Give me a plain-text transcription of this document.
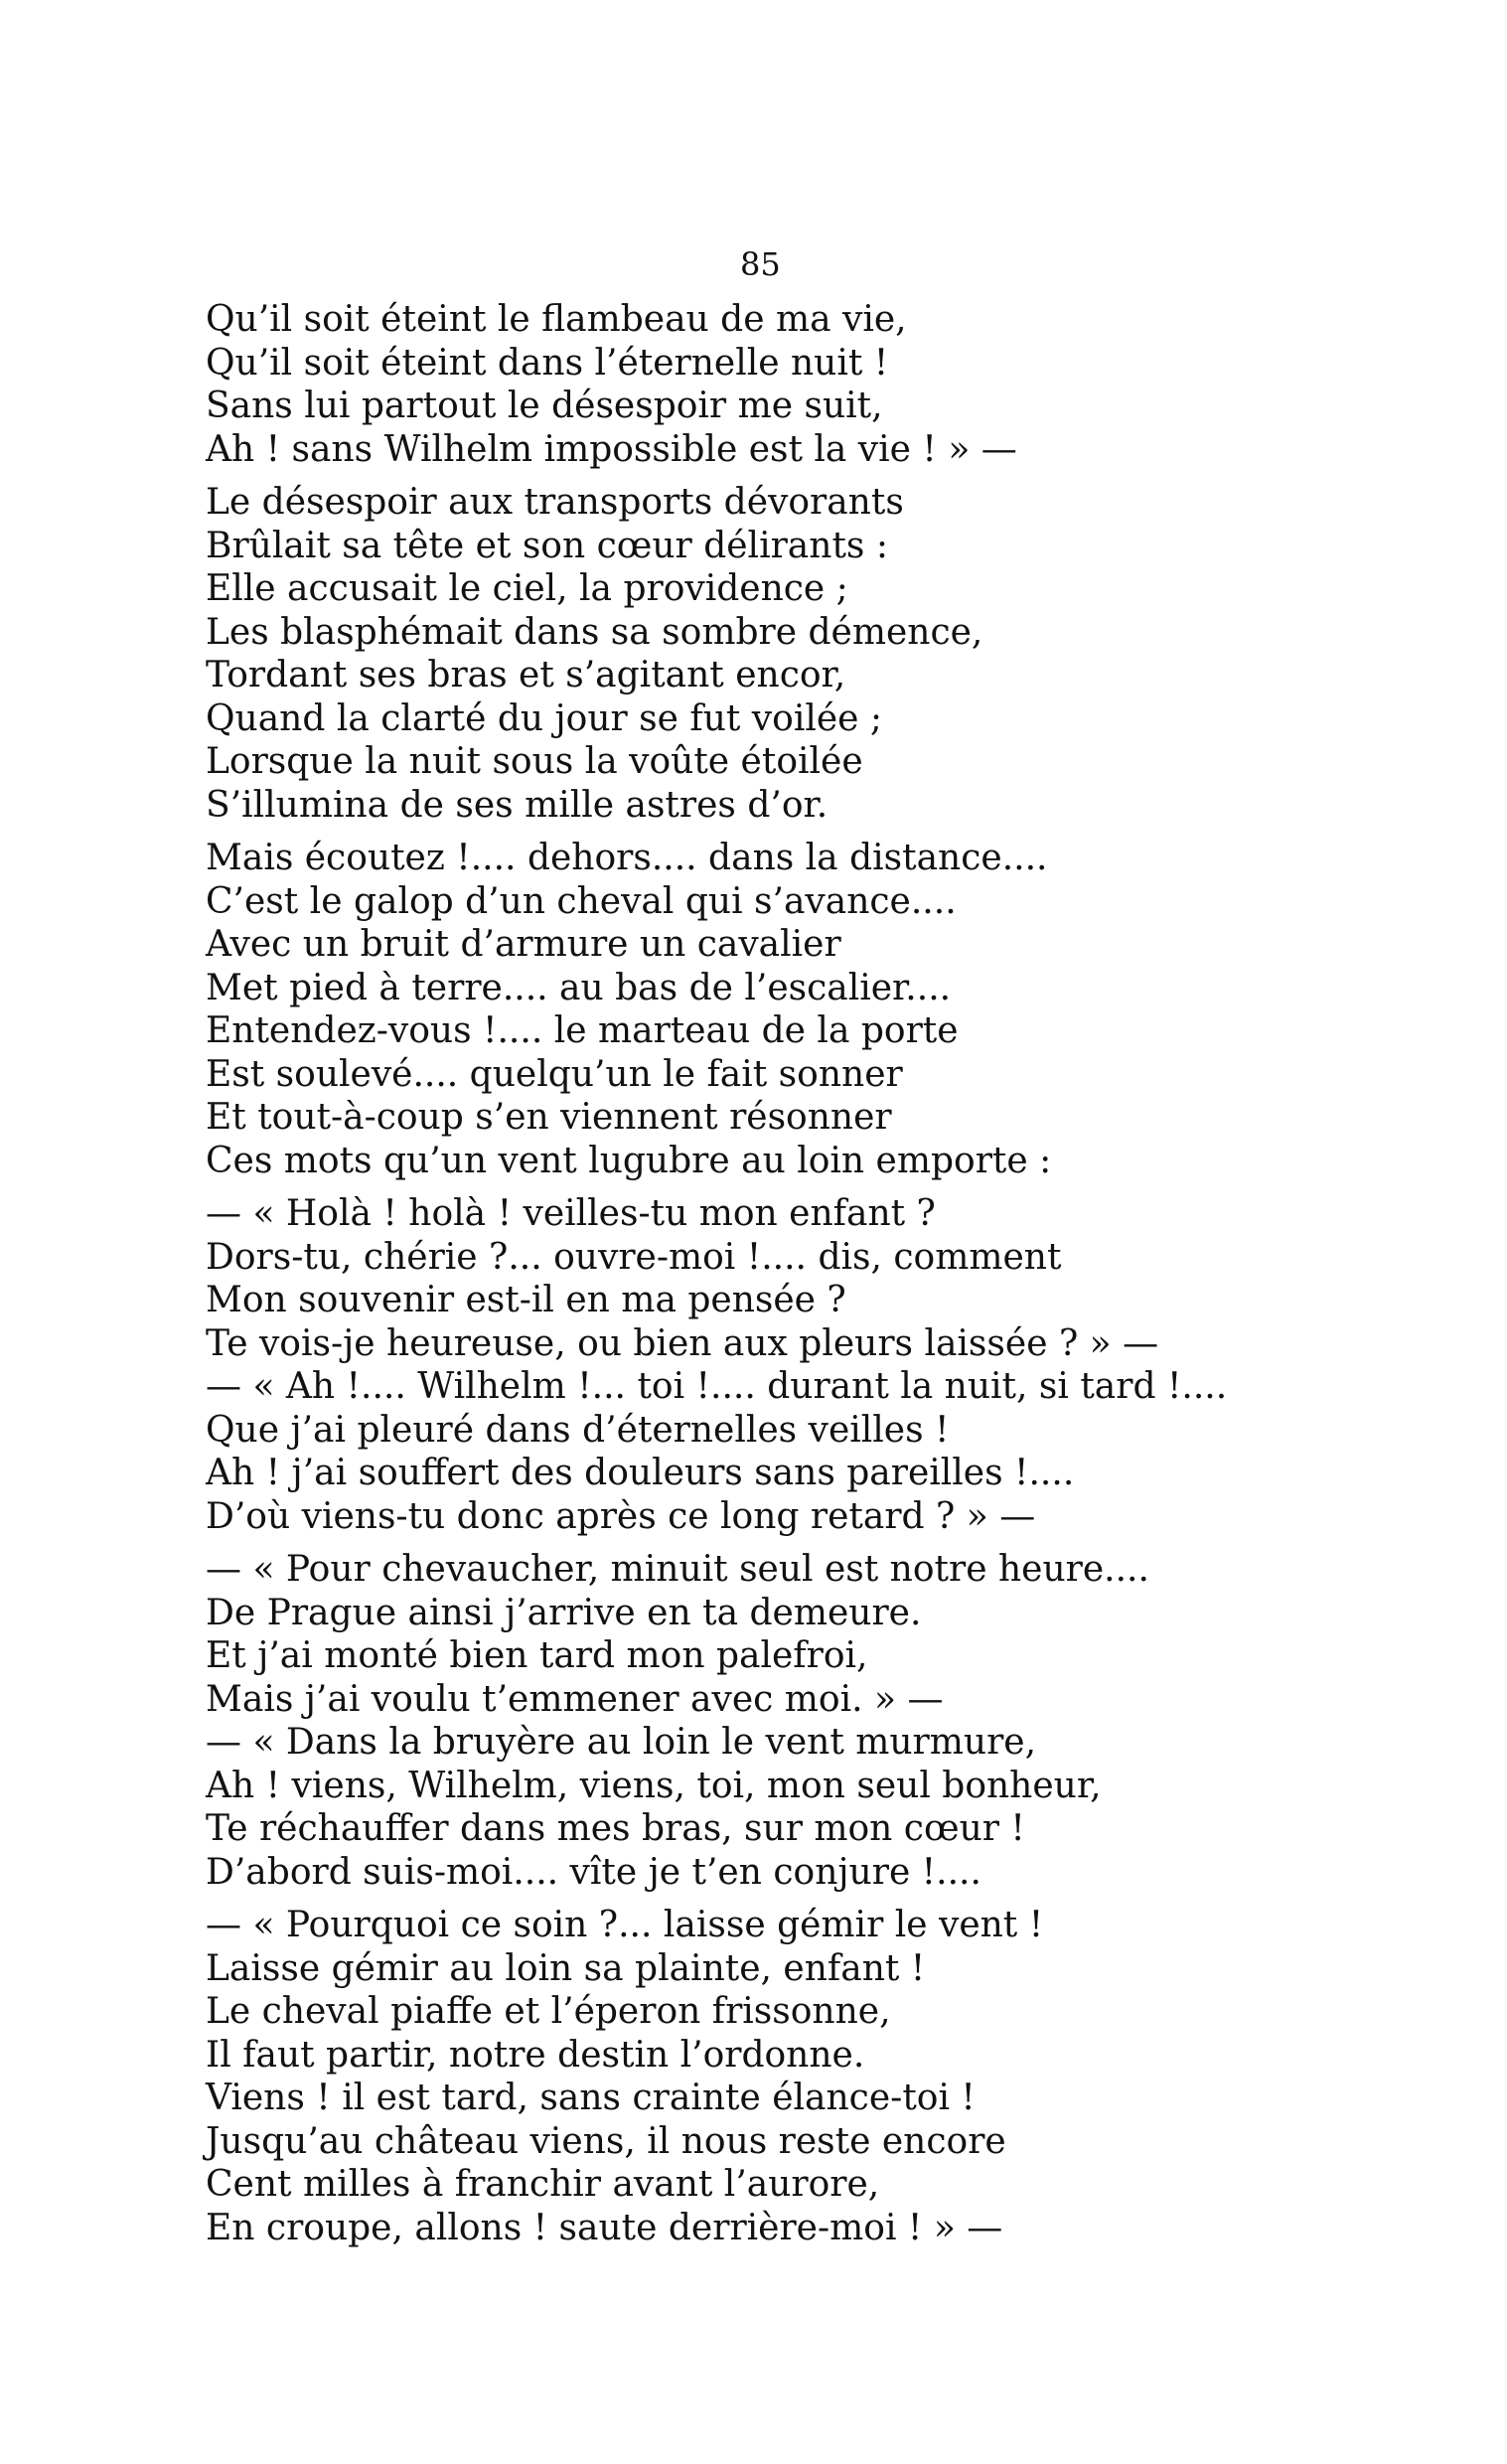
85
Qu’il soit éteint le flambeau de ma vie,
Qu’il soit éteint dans l’éternelle nuit !
Sans lui partout le désespoir me suit,
Ah ! sans Wilhelm impossible est la vie ! » —
Le désespoir aux transports dévorants
Brûlait sa tête et son cœur délirants :
Elle accusait le ciel, la providence ;
Les blasphémait dans sa sombre démence,
Tordant ses bras et s’agitant encor,
Quand la clarté du jour se fut voilée ;
Lorsque la nuit sous la voûte étoilée
S’illumina de ses mille astres d’or.
Mais écoutez !.... dehors.... dans la distance....
C’est le galop d’un cheval qui s’avance....
Avec un bruit d’armure un cavalier
Met pied à terre.... au bas de l’escalier....
Entendez-vous !.... le marteau de la porte
Est soulevé.... quelqu’un le fait sonner
Et tout-à-coup s’en viennent résonner
Ces mots qu’un vent lugubre au loin emporte :
— « Holà ! holà ! veilles-tu mon enfant ?
Dors-tu, chérie ?... ouvre-moi !.... dis, comment
Mon souvenir est-il en ma pensée ?
Te vois-je heureuse, ou bien aux pleurs laissée ? » —
— « Ah !.... Wilhelm !... toi !.... durant la nuit, si tard !....
Que j’ai pleuré dans d’éternelles veilles !
Ah ! j’ai souffert des douleurs sans pareilles !....
D’où viens-tu donc après ce long retard ? » —
— « Pour chevaucher, minuit seul est notre heure....
De Prague ainsi j’arrive en ta demeure.
Et j’ai monté bien tard mon palefroi,
Mais j’ai voulu t’emmener avec moi. » —
— « Dans la bruyère au loin le vent murmure,
Ah ! viens, Wilhelm, viens, toi, mon seul bonheur,
Te réchauffer dans mes bras, sur mon cœur !
D’abord suis-moi.... vîte je t’en conjure !....
— « Pourquoi ce soin ?... laisse gémir le vent !
Laisse gémir au loin sa plainte, enfant !
Le cheval piaffe et l’éperon frissonne,
Il faut partir, notre destin l’ordonne.
Viens ! il est tard, sans crainte élance-toi !
Jusqu’au château viens, il nous reste encore
Cent milles à franchir avant l’aurore,
En croupe, allons ! saute derrière-moi ! » —
